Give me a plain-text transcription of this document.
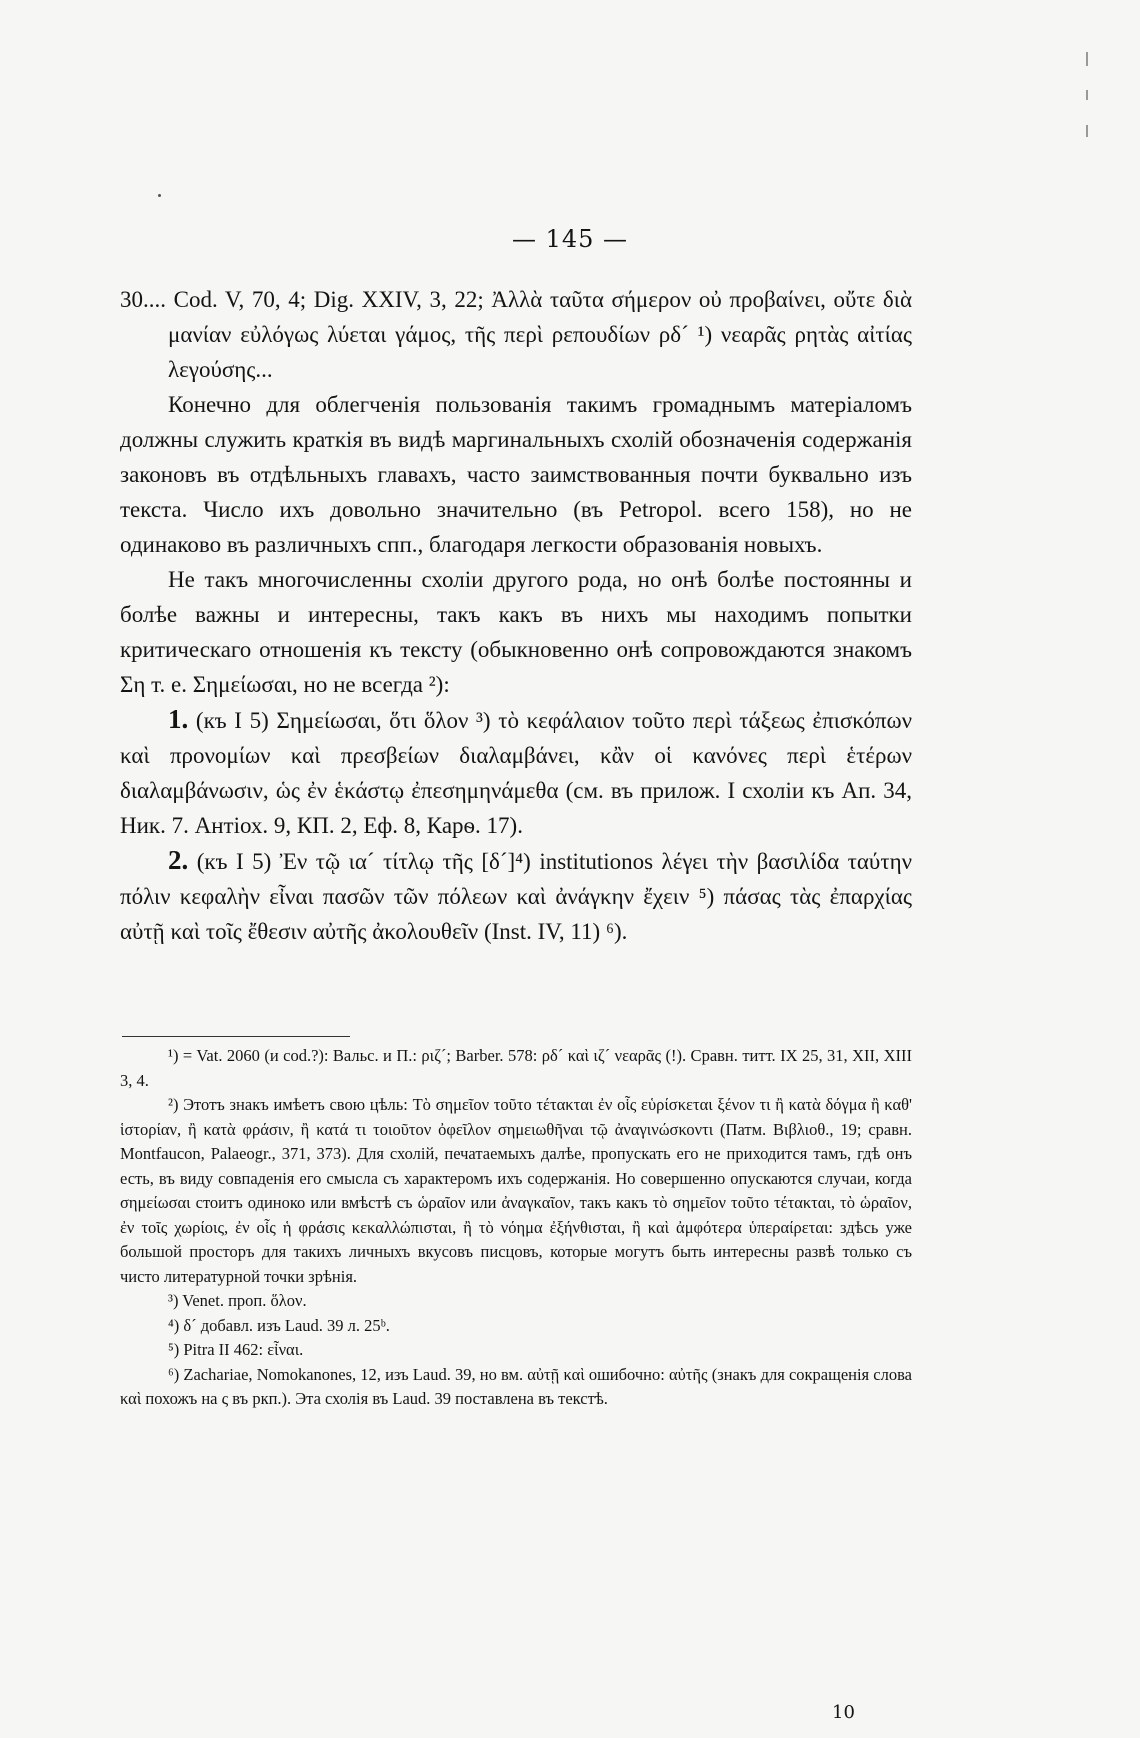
— 145 —

30.... Cod. V, 70, 4; Dig. XXIV, 3, 22; Ἀλλὰ ταῦτα σήμερον οὐ προβαίνει, οὔτε διὰ μανίαν εὐλόγως λύεται γάμος, τῆς περὶ ρεπουδίων ρδ´ ¹) νεαρᾶς ρητὰς αἰτίας λεγούσης...

Конечно для облегченія пользованія такимъ громаднымъ матеріаломъ должны служить краткія въ видѣ маргинальныхъ схолій обозначенія содержанія законовъ въ отдѣльныхъ главахъ, часто заимствованныя почти буквально изъ текста. Число ихъ довольно значительно (въ Petropol. всего 158), но не одинаково въ различныхъ спп., благодаря легкости образованія новыхъ.

Не такъ многочисленны схоліи другого рода, но онѣ болѣе постоянны и болѣе важны и интересны, такъ какъ въ нихъ мы находимъ попытки критическаго отношенія къ тексту (обыкновенно онѣ сопровождаются знакомъ Ση т. е. Σημείωσαι, но не всегда ²):

1. (къ I 5) Σημείωσαι, ὅτι ὅλον ³) τὸ κεφάλαιον τοῦτο περὶ τάξεως ἐπισκόπων καὶ προνομίων καὶ πρεσβείων διαλαμβάνει, κἂν οἱ κανόνες περὶ ἑτέρων διαλαμβάνωσιν, ὡς ἐν ἑκάστῳ ἐπεσημηνάμεθα (см. въ прилож. I схоліи къ Ап. 34, Ник. 7. Антіох. 9, КП. 2, Еф. 8, Карѳ. 17).

2. (къ I 5) Ἐν τῷ ια´ τίτλῳ τῆς [δ´]⁴) institutionos λέγει τὴν βασιλίδα ταύτην πόλιν κεφαλὴν εἶναι πασῶν τῶν πόλεων καὶ ἀνάγκην ἔχειν ⁵) πάσας τὰς ἐπαρχίας αὐτῇ καὶ τοῖς ἔθεσιν αὐτῆς ἀκολουθεῖν (Inst. IV, 11) ⁶).

¹) = Vat. 2060 (и cod.?): Вальс. и П.: ριζ´; Barber. 578: ρδ´ καὶ ιζ´ νεαρᾶς (!). Сравн. титт. IX 25, 31, XII, XIII 3, 4.

²) Этотъ знакъ имѣетъ свою цѣль: Τὸ σημεῖον τοῦτο τέτακται ἐν οἷς εὑρίσκεται ξένον τι ἢ κατὰ δόγμα ἢ καθ' ἱστορίαν, ἢ κατὰ φράσιν, ἢ κατά τι τοιοῦτον ὀφεῖλον σημειωθῆναι τῷ ἀναγινώσκοντι (Патм. Βιβλιοθ., 19; сравн. Montfaucon, Palaeogr., 371, 373). Для схолій, печатаемыхъ далѣе, пропускать его не приходится тамъ, гдѣ онъ есть, въ виду совпаденія его смысла съ характеромъ ихъ содержанія. Но совершенно опускаются случаи, когда σημείωσαι стоитъ одиноко или вмѣстѣ съ ὡραῖον или ἀναγκαῖον, такъ какъ τὸ σημεῖον τοῦτο τέτακται, τὸ ὡραῖον, ἐν τοῖς χωρίοις, ἐν οἷς ἡ φράσις κεκαλλώπισται, ἢ τὸ νόημα ἐξήνθισται, ἢ καὶ ἀμφότερα ὑπεραίρεται: здѣсь уже большой просторъ для такихъ личныхъ вкусовъ писцовъ, которые могутъ быть интересны развѣ только съ чисто литературной точки зрѣнія.

³) Venet. проп. ὅλον.

⁴) δ´ добавл. изъ Laud. 39 л. 25ᵇ.

⁵) Pitra II 462: εἶναι.

⁶) Zachariae, Nomokanones, 12, изъ Laud. 39, но вм. αὐτῇ καὶ ошибочно: αὐτῆς (знакъ для сокращенія слова καὶ похожъ на ς въ ркп.). Эта схолія въ Laud. 39 поставлена въ текстѣ.

10
